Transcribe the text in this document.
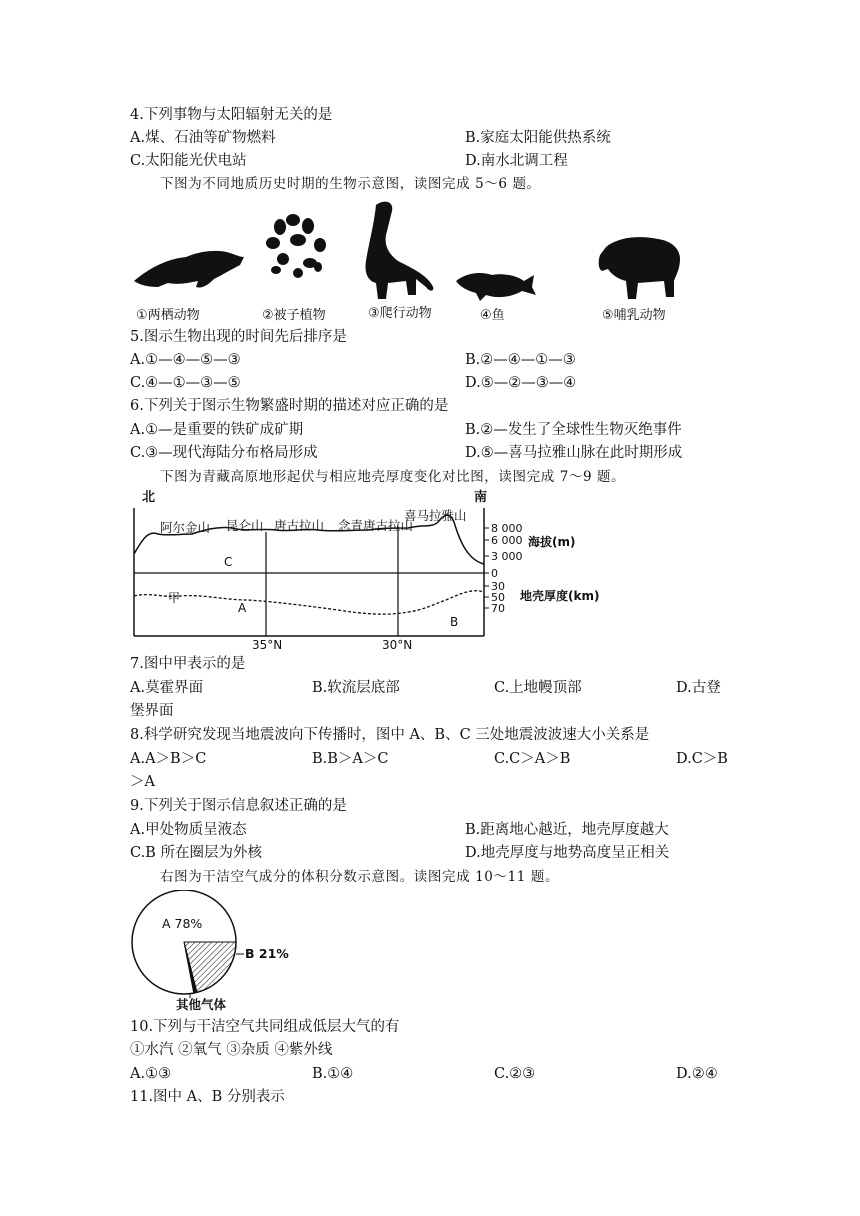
4.下列事物与太阳辐射无关的是
A.煤、石油等矿物燃料	B.家庭太阳能供热系统
C.太阳能光伏电站	D.南水北调工程
下图为不同地质历史时期的生物示意图，读图完成 5～6 题。
①两栖动物	②被子植物	③爬行动物	④鱼	⑤哺乳动物
5.图示生物出现的时间先后排序是
A.①—④—⑤—③	B.②—④—①—③
C.④—①—③—⑤	D.⑤—②—③—④
6.下列关于图示生物繁盛时期的描述对应正确的是
A.①—是重要的铁矿成矿期	B.②—发生了全球性生物灭绝事件
C.③—现代海陆分布格局形成	D.⑤—喜马拉雅山脉在此时期形成
下图为青藏高原地形起伏与相应地壳厚度变化对比图，读图完成 7～9 题。
北	南
阿尔金山 昆仑山 唐古拉山 念青唐古拉山
喜马拉雅山
C
甲
A
B
8 000
6 000
3 000
0
海拔(m)
30
50
70
地壳厚度(km)
35°N	30°N
7.图中甲表示的是
A.莫霍界面	B.软流层底部	C.上地幔顶部	D.古登
堡界面
8.科学研究发现当地震波向下传播时，图中 A、B、C 三处地震波波速大小关系是
A.A＞B＞C	B.B＞A＞C	C.C＞A＞B	D.C＞B
＞A
9.下列关于图示信息叙述正确的是
A.甲处物质呈液态	B.距离地心越近，地壳厚度越大
C.B 所在圈层为外核	D.地壳厚度与地势高度呈正相关
右图为干洁空气成分的体积分数示意图。读图完成 10～11 题。
A 78%
B 21%
其他气体
10.下列与干洁空气共同组成低层大气的有
①水汽 ②氧气 ③杂质 ④紫外线
A.①③	B.①④	C.②③	D.②④
11.图中 A、B 分别表示
